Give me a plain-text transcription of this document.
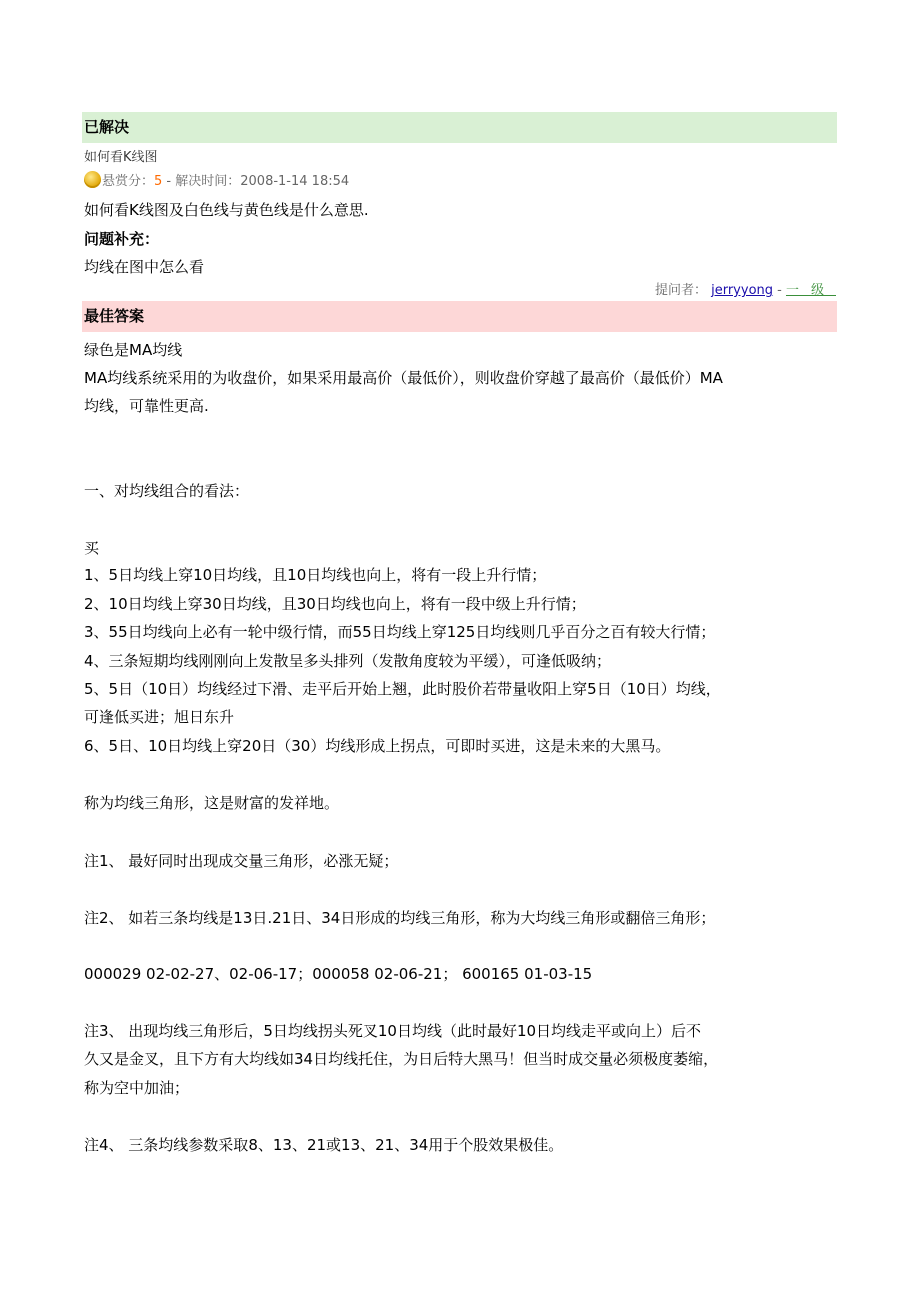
已解决
如何看K线图
悬赏分：5 - 解决时间：2008-1-14 18:54
如何看K线图及白色线与黄色线是什么意思.
问题补充：
均线在图中怎么看
提问者： jerryyong - 一级
最佳答案
绿色是MA均线
MA均线系统采用的为收盘价，如果采用最高价（最低价），则收盘价穿越了最高价（最低价）MA
均线，可靠性更高.
一、对均线组合的看法：
买
1、5日均线上穿10日均线，且10日均线也向上，将有一段上升行情；
2、10日均线上穿30日均线，且30日均线也向上，将有一段中级上升行情；
3、55日均线向上必有一轮中级行情，而55日均线上穿125日均线则几乎百分之百有较大行情；
4、三条短期均线刚刚向上发散呈多头排列（发散角度较为平缓），可逢低吸纳；
5、5日（10日）均线经过下滑、走平后开始上翘，此时股价若带量收阳上穿5日（10日）均线，
可逢低买进；旭日东升
6、5日、10日均线上穿20日（30）均线形成上拐点，可即时买进，这是未来的大黑马。
称为均线三角形，这是财富的发祥地。
注1、 最好同时出现成交量三角形，必涨无疑；
注2、 如若三条均线是13日.21日、34日形成的均线三角形，称为大均线三角形或翻倍三角形；
000029 02-02-27、02-06-17；000058 02-06-21； 600165 01-03-15
注3、 出现均线三角形后，5日均线拐头死叉10日均线（此时最好10日均线走平或向上）后不
久又是金叉，且下方有大均线如34日均线托住，为日后特大黑马！但当时成交量必须极度萎缩，
称为空中加油；
注4、 三条均线参数采取8、13、21或13、21、34用于个股效果极佳。
